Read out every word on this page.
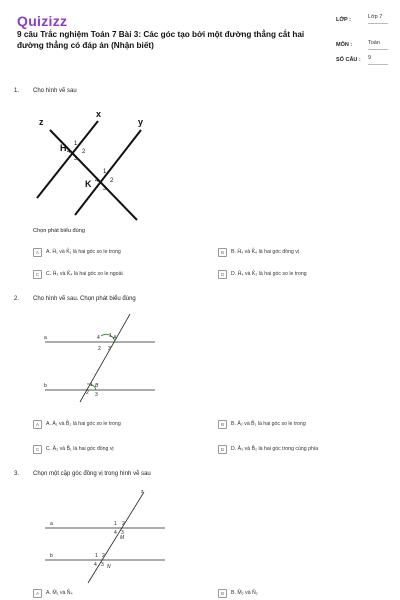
Quizizz
9 câu Trắc nghiệm Toán 7 Bài 3: Các góc tạo bởi một đường thẳng cắt hai đường thẳng có đáp án (Nhận biết)
LỚP :	Lớp 7
MÔN :	Toán
SỐ CÂU : 9
1. Cho hình vẽ sau
z
x
y
H
K
1
2
3
4
1
2
3
4
Chọn phát biểu đúng
A	A. Ĥ₁ và K̂₁ là hai góc so le trong	B	B. Ĥ₄ và K̂₄ là hai góc đồng vị
C	C. Ĥ₃ và K̂₄ là hai góc so le ngoài	D	D. Ĥ₄ và K̂₂ là hai góc so le trong
2. Cho hình vẽ sau. Chọn phát biểu đúng
a
b
A
B
1
2 3
4
1
2 3
A	A. Â₁ và B̂₂ là hai góc so le trong	B	B. Â₂ và B̂₁ là hai góc so le trong
C	C. Â₃ và B̂₁ là hai góc đồng vị	D	D. Â₃ và B̂₂ là hai góc trong cùng phía
3. Chọn một cặp góc đồng vị trong hình vẽ sau
a
b
z
M
N
1 2
3
4
1 2
3
4
A	A. M̂₁ và N̂₄	B	B. M̂₂ và N̂₂
